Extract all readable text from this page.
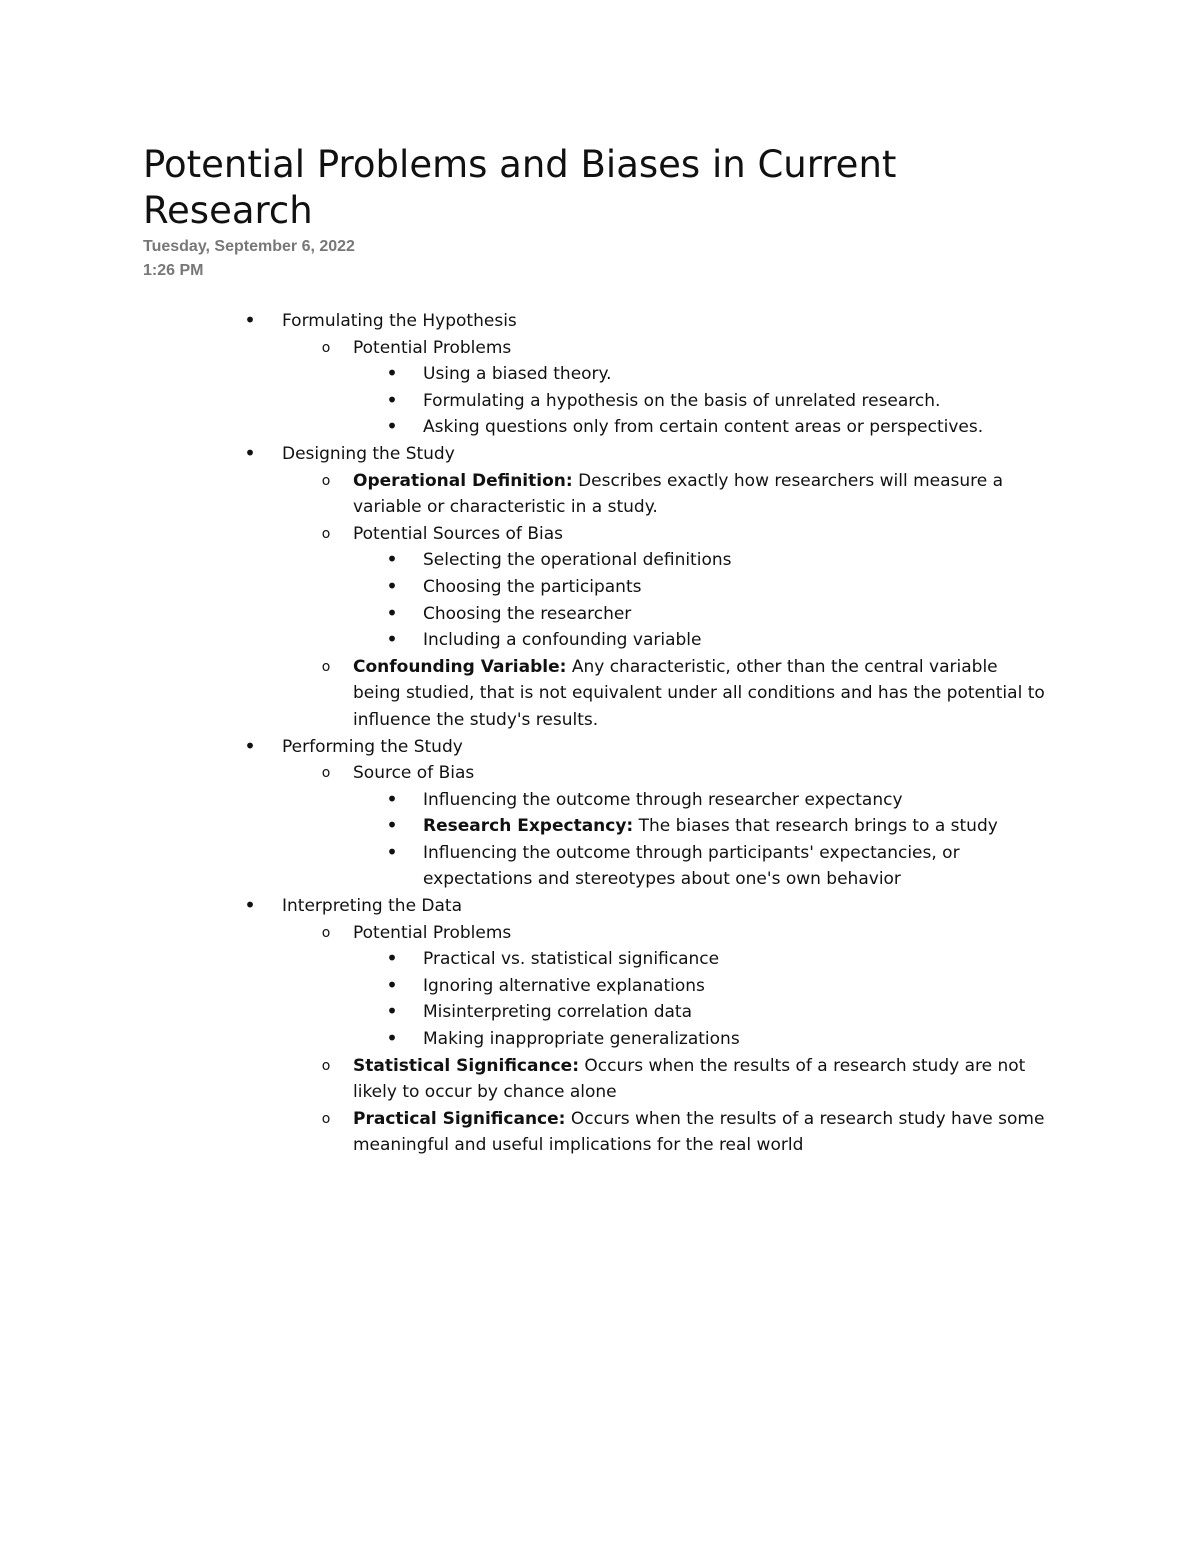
Potential Problems and Biases in Current Research
Tuesday, September 6, 2022
1:26 PM
• Formulating the Hypothesis
o	Potential Problems
• Using a biased theory.
• Formulating a hypothesis on the basis of unrelated research.
• Asking questions only from certain content areas or perspectives.
• Designing the Study
o	Operational Definition: Describes exactly how researchers will measure a variable or characteristic in a study.
o	Potential Sources of Bias
• Selecting the operational definitions
• Choosing the participants
• Choosing the researcher
• Including a confounding variable
o	Confounding Variable: Any characteristic, other than the central variable being studied, that is not equivalent under all conditions and has the potential to influence the study's results.
• Performing the Study
o	Source of Bias
• Influencing the outcome through researcher expectancy
• Research Expectancy: The biases that research brings to a study
• Influencing the outcome through participants' expectancies, or expectations and stereotypes about one's own behavior
• Interpreting the Data
o	Potential Problems
• Practical vs. statistical significance
• Ignoring alternative explanations
• Misinterpreting correlation data
• Making inappropriate generalizations
o	Statistical Significance: Occurs when the results of a research study are not likely to occur by chance alone
o	Practical Significance: Occurs when the results of a research study have some meaningful and useful implications for the real world
